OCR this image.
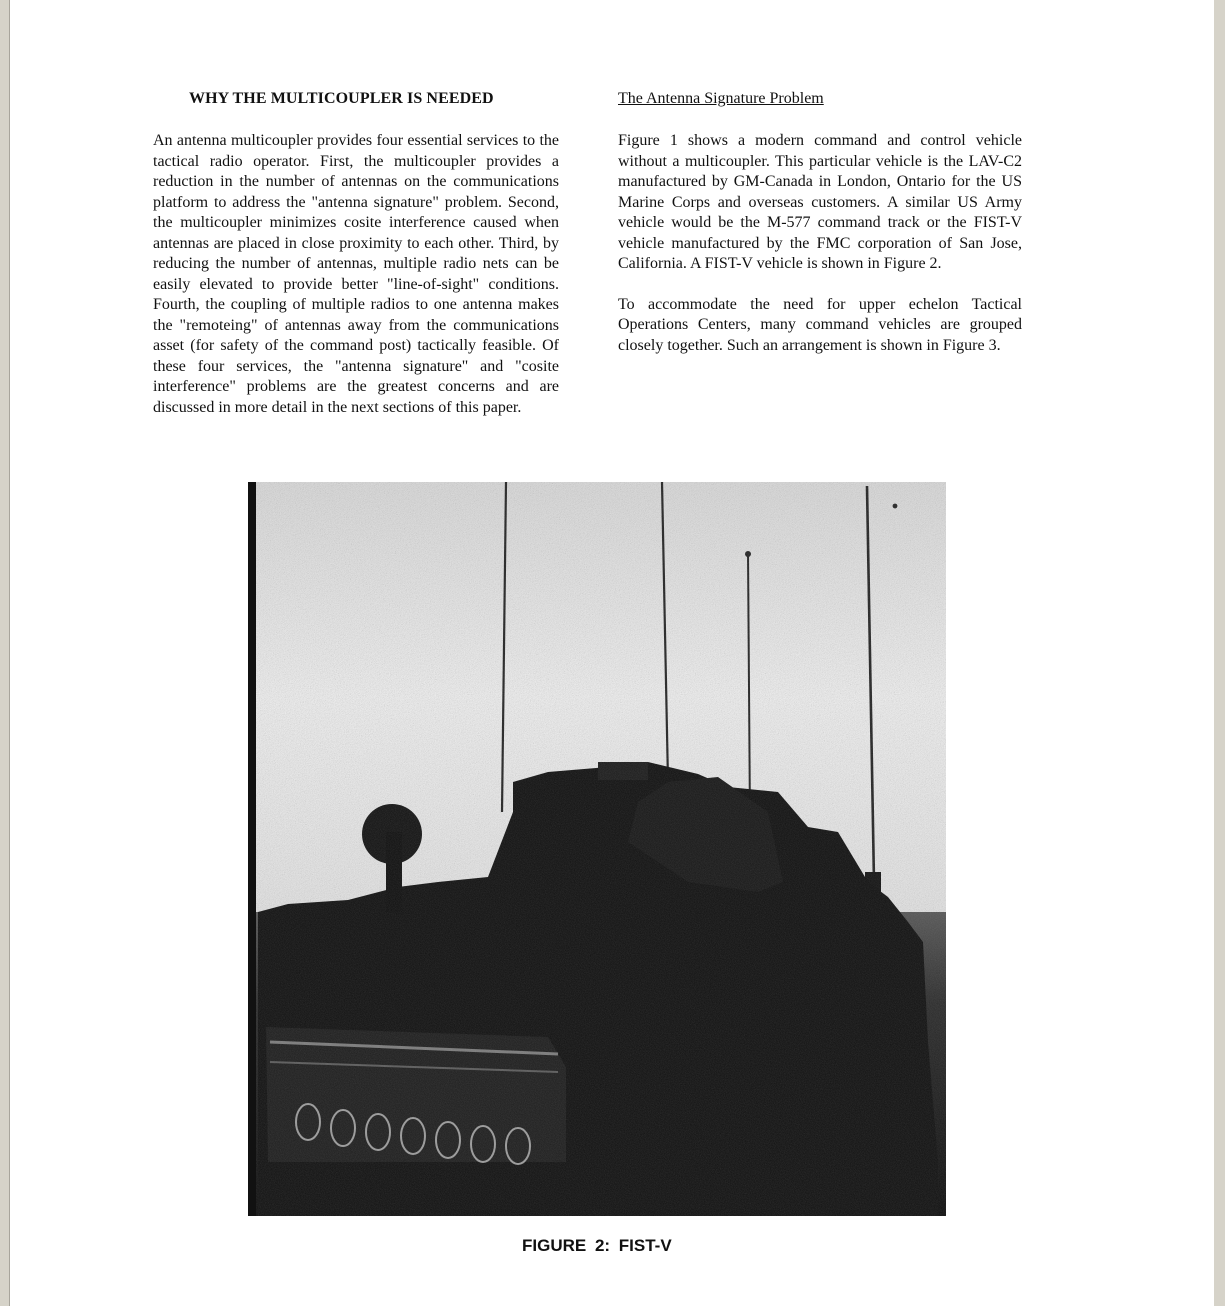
WHY THE MULTICOUPLER IS NEEDED	The Antenna Signature Problem

An antenna multicoupler provides four essential services to the tactical radio operator. First, the multicoupler provides a reduction in the number of antennas on the communications platform to address the "antenna signature" problem. Second, the multicoupler minimizes cosite interference caused when antennas are placed in close proximity to each other. Third, by reducing the number of antennas, multiple radio nets can be easily elevated to provide better "line-of-sight" conditions. Fourth, the coupling of multiple radios to one antenna makes the "remoteing" of antennas away from the communications asset (for safety of the command post) tactically feasible. Of these four services, the "antenna signature" and "cosite interference" problems are the greatest concerns and are discussed in more detail in the next sections of this paper.

Figure 1 shows a modern command and control vehicle without a multicoupler. This particular vehicle is the LAV-C2 manufactured by GM-Canada in London, Ontario for the US Marine Corps and overseas customers. A similar US Army vehicle would be the M-577 command track or the FIST-V vehicle manufactured by the FMC corporation of San Jose, California. A FIST-V vehicle is shown in Figure 2.

To accommodate the need for upper echelon Tactical Operations Centers, many command vehicles are grouped closely together. Such an arrangement is shown in Figure 3.

FIGURE 2: FIST-V
